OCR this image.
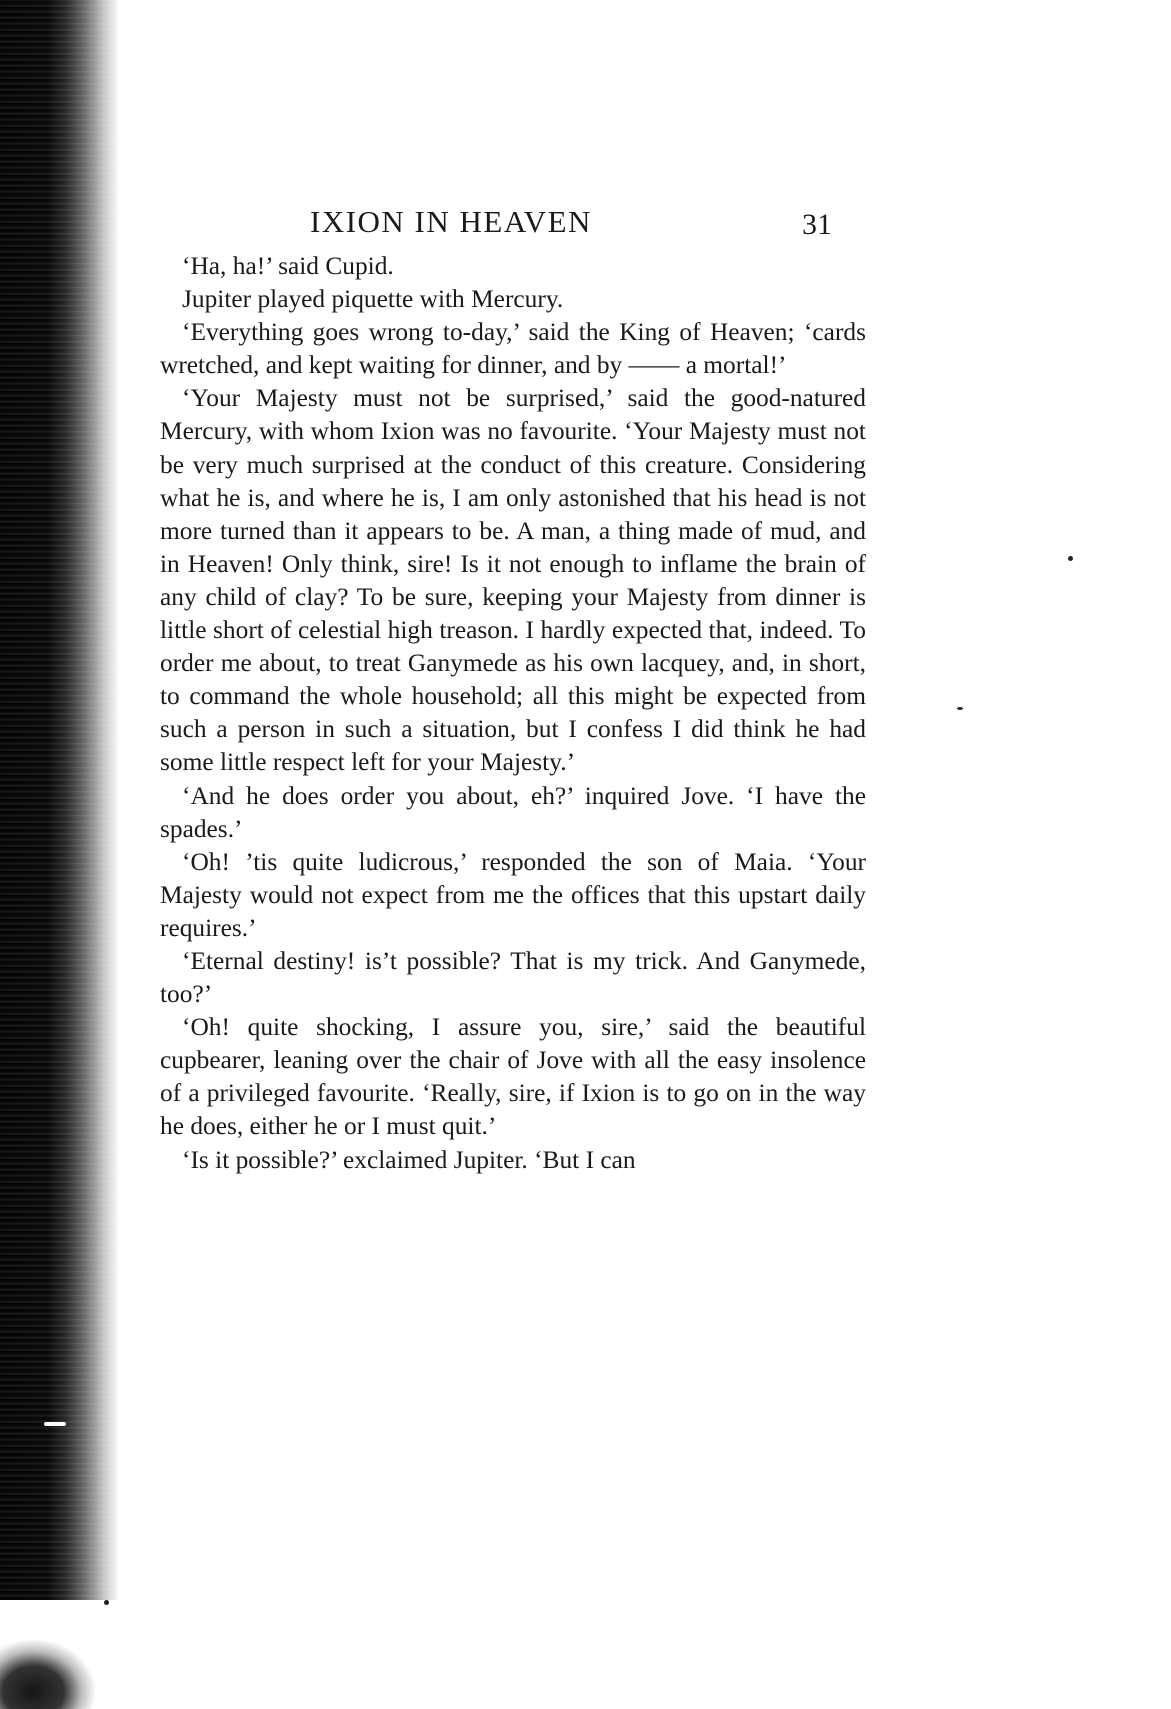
IXION IN HEAVEN	31

‘Ha, ha!’ said Cupid.

Jupiter played piquette with Mercury.

‘Everything goes wrong to-day,’ said the King of Heaven; ‘cards wretched, and kept waiting for dinner, and by —— a mortal!’

‘Your Majesty must not be surprised,’ said the good-natured Mercury, with whom Ixion was no favourite. ‘Your Majesty must not be very much surprised at the conduct of this creature. Considering what he is, and where he is, I am only astonished that his head is not more turned than it appears to be. A man, a thing made of mud, and in Heaven! Only think, sire! Is it not enough to inflame the brain of any child of clay? To be sure, keeping your Majesty from dinner is little short of celestial high treason. I hardly expected that, indeed. To order me about, to treat Ganymede as his own lacquey, and, in short, to command the whole household; all this might be expected from such a person in such a situation, but I confess I did think he had some little respect left for your Majesty.’

‘And he does order you about, eh?’ inquired Jove. ‘I have the spades.’

‘Oh! ’tis quite ludicrous,’ responded the son of Maia. ‘Your Majesty would not expect from me the offices that this upstart daily requires.’

‘Eternal destiny! is’t possible? That is my trick. And Ganymede, too?’

‘Oh! quite shocking, I assure you, sire,’ said the beautiful cupbearer, leaning over the chair of Jove with all the easy insolence of a privileged favourite. ‘Really, sire, if Ixion is to go on in the way he does, either he or I must quit.’

‘Is it possible?’ exclaimed Jupiter. ‘But I can
